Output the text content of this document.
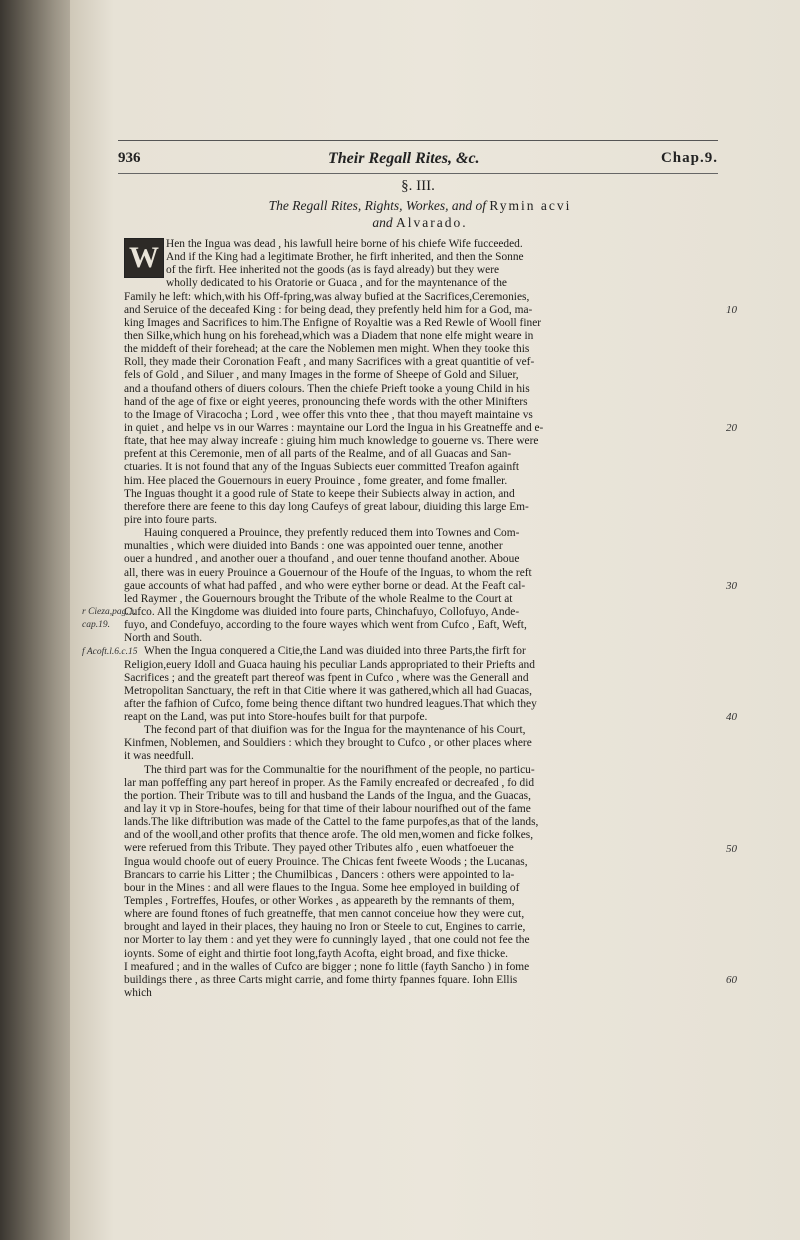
936	Their Regall Rites, &c.	Chap.9.
§. III.
The Regall Rites, Rights, Workes, and of Rymin acvi
and Alvarado.
W Hen the Ingua was dead , his lawfull heire borne of his chiefe Wife fucceeded.
And if the King had a legitimate Brother, he firft inherited, and then the Sonne
of the firft. Hee inherited not the goods (as is fayd already) but they were
wholly dedicated to his Oratorie or Guaca , and for the mayntenance of the
Family he left: which,with his Off-fpring,was alway bufied at the Sacrifices,Ceremonies,
and Seruice of the deceafed King : for being dead, they prefently held him for a God, ma-
king Images and Sacrifices to him.The Enfigne of Royaltie was a Red Rewle of Wooll finer
then Silke,which hung on his forehead,which was a Diadem that none elfe might weare in
the middeft of their forehead; at the care the Noblemen men might. When they tooke this
Roll, they made their Coronation Feaft , and many Sacrifices with a great quantitie of vef-
fels of Gold , and Siluer , and many Images in the forme of Sheepe of Gold and Siluer,
and a thoufand others of diuers colours. Then the chiefe Prieft tooke a young Child in his
hand of the age of fixe or eight yeeres, pronouncing thefe words with the other Minifters
to the Image of Viracocha ; Lord , wee offer this vnto thee , that thou mayeft maintaine vs
in quiet , and helpe vs in our Warres : mayntaine our Lord the Ingua in his Greatneffe and e-
ftate, that hee may alway increafe : giuing him much knowledge to gouerne vs. There were
prefent at this Ceremonie, men of all parts of the Realme, and of all Guacas and San-
ctuaries. It is not found that any of the Inguas Subiects euer committed Treafon againft
him. Hee placed the Gouernours in euery Prouince , fome greater, and fome fmaller.
The Inguas thought it a good rule of State to keepe their Subiects alway in action, and
therefore there are feene to this day long Caufeys of great labour, diuiding this large Em-
pire into foure parts.
Hauing conquered a Prouince, they prefently reduced them into Townes and Com-
munalties , which were diuided into Bands : one was appointed ouer tenne, another
ouer a hundred , and another ouer a thoufand , and ouer tenne thoufand another. Aboue
all, there was in euery Prouince a Gouernour of the Houfe of the Inguas, to whom the reft
gaue accounts of what had paffed , and who were eyther borne or dead. At the Feaft cal-
led Raymer , the Gouernours brought the Tribute of the whole Realme to the Court at
Cufco. All the Kingdome was diuided into foure parts, Chinchafuyo, Collofuyo, Ande-
fuyo, and Condefuyo, according to the foure wayes which went from Cufco , Eaft, Weft,
North and South.
When the Ingua conquered a Citie,the Land was diuided into three Parts,the firft for
Religion,euery Idoll and Guaca hauing his peculiar Lands appropriated to their Priefts and
Sacrifices ; and the greateft part thereof was fpent in Cufco , where was the Generall and
Metropolitan Sanctuary, the reft in that Citie where it was gathered,which all had Guacas,
after the fafhion of Cufco, fome being thence diftant two hundred leagues.That which they
reapt on the Land, was put into Store-houfes built for that purpofe.
The fecond part of that diuifion was for the Ingua for the mayntenance of his Court,
Kinfmen, Noblemen, and Souldiers : which they brought to Cufco , or other places where
it was needfull.
The third part was for the Communaltie for the nourifhment of the people, no particu-
lar man poffeffing any part hereof in proper. As the Family encreafed or decreafed , fo did
the portion. Their Tribute was to till and husband the Lands of the Ingua, and the Guacas,
and lay it vp in Store-houfes, being for that time of their labour nourifhed out of the fame
lands.The like diftribution was made of the Cattel to the fame purpofes,as that of the lands,
and of the wooll,and other profits that thence arofe. The old men,women and ficke folkes,
were referued from this Tribute. They payed other Tributes alfo , euen whatfoeuer the
Ingua would choofe out of euery Prouince. The Chicas fent fweete Woods ; the Lucanas,
Brancars to carrie his Litter ; the Chumilbicas , Dancers : others were appointed to la-
bour in the Mines : and all were flaues to the Ingua. Some hee employed in building of
Temples , Fortreffes, Houfes, or other Workes , as appeareth by the remnants of them,
where are found ftones of fuch greatneffe, that men cannot conceiue how they were cut,
brought and layed in their places, they hauing no Iron or Steele to cut, Engines to carrie,
nor Morter to lay them : and yet they were fo cunningly layed , that one could not fee the
ioynts. Some of eight and thirtie foot long,fayth Acofta, eight broad, and fixe thicke.
I meafured ; and in the walles of Cufco are bigger ; none fo little (fayth Sancho ) in fome
buildings there , as three Carts might carrie, and fome thirty fpannes fquare. Iohn Ellis
which
10
20
30
40
50
60
r Cieza,pag.1.
cap.19.
f Acoft.l.6.c.15
